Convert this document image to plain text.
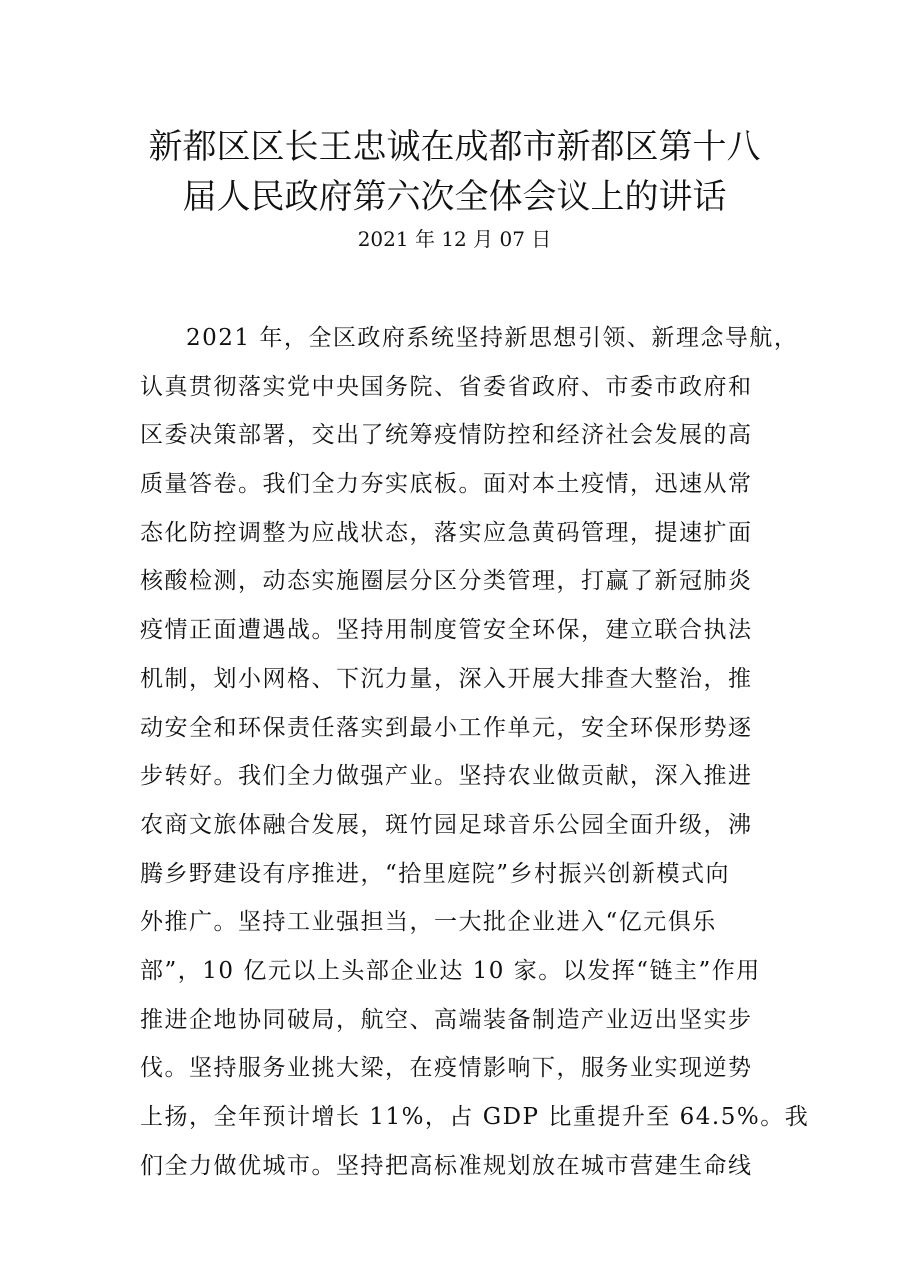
新都区区长王忠诚在成都市新都区第十八
届人民政府第六次全体会议上的讲话
2021 年 12 月 07 日
2021 年，全区政府系统坚持新思想引领、新理念导航，
认真贯彻落实党中央国务院、省委省政府、市委市政府和
区委决策部署，交出了统筹疫情防控和经济社会发展的高
质量答卷。我们全力夯实底板。面对本土疫情，迅速从常
态化防控调整为应战状态，落实应急黄码管理，提速扩面
核酸检测，动态实施圈层分区分类管理，打赢了新冠肺炎
疫情正面遭遇战。坚持用制度管安全环保，建立联合执法
机制，划小网格、下沉力量，深入开展大排查大整治，推
动安全和环保责任落实到最小工作单元，安全环保形势逐
步转好。我们全力做强产业。坚持农业做贡献，深入推进
农商文旅体融合发展，斑竹园足球音乐公园全面升级，沸
腾乡野建设有序推进，“拾里庭院”乡村振兴创新模式向
外推广。坚持工业强担当，一大批企业进入“亿元俱乐
部”，10 亿元以上头部企业达 10 家。以发挥“链主”作用
推进企地协同破局，航空、高端装备制造产业迈出坚实步
伐。坚持服务业挑大梁，在疫情影响下，服务业实现逆势
上扬，全年预计增长 11%，占 GDP 比重提升至 64.5%。我
们全力做优城市。坚持把高标准规划放在城市营建生命线
